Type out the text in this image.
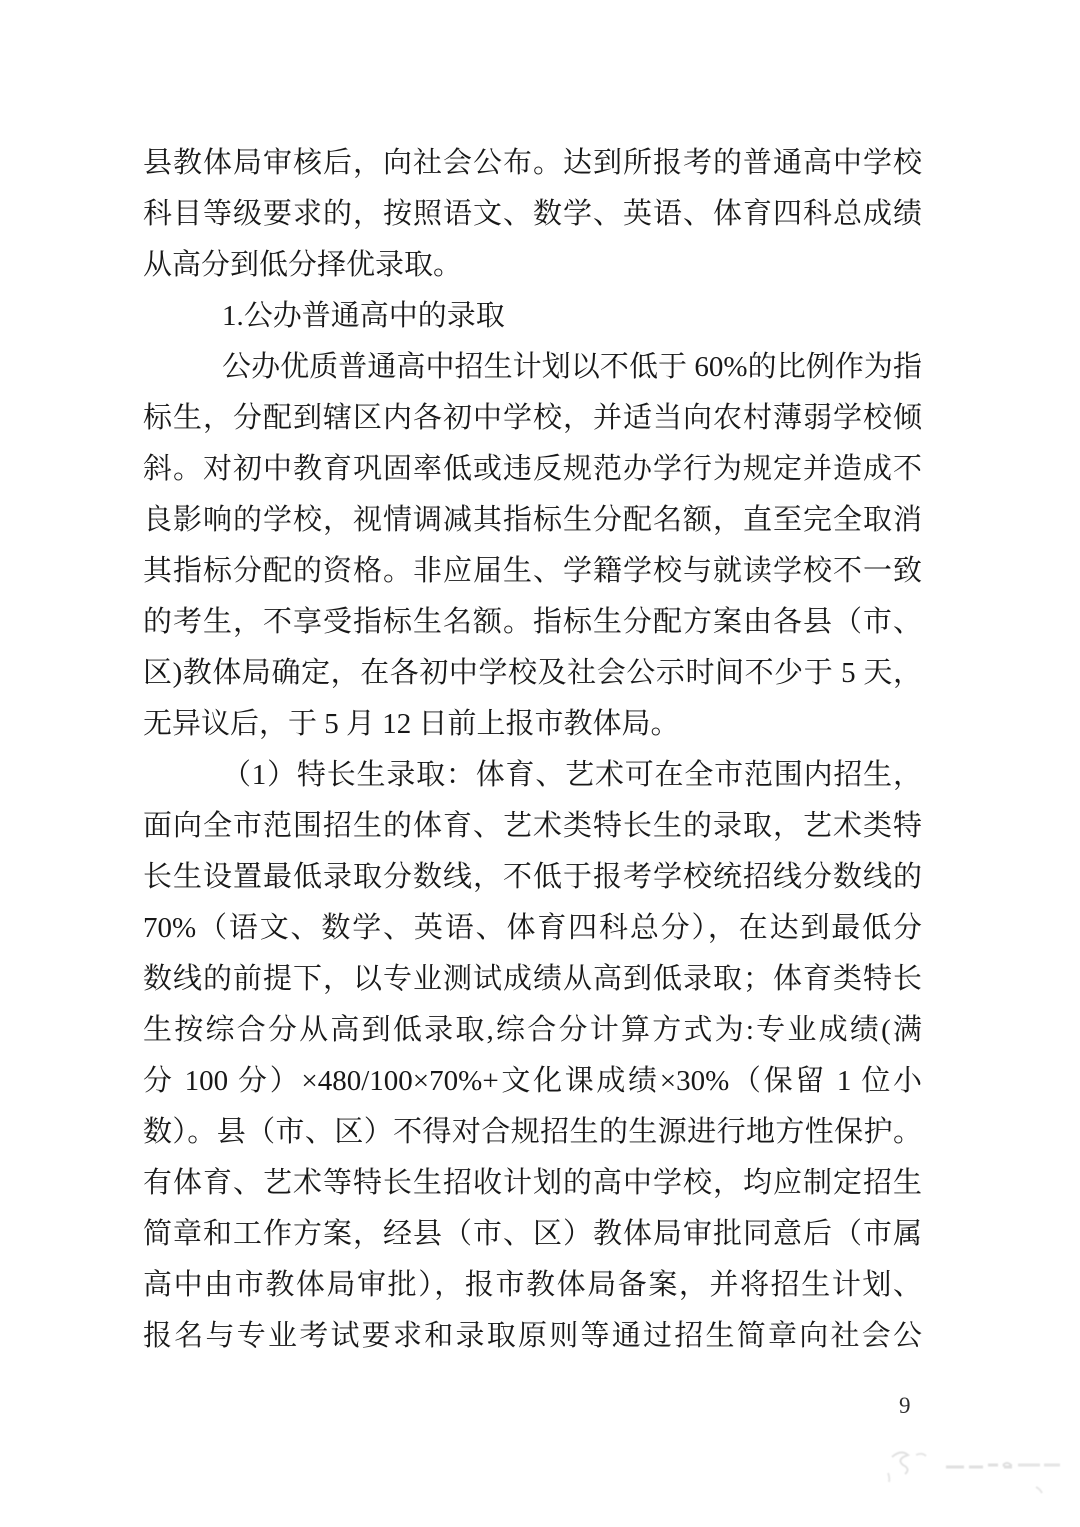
县教体局审核后，向社会公布。达到所报考的普通高中学校
科目等级要求的，按照语文、数学、英语、体育四科总成绩
从高分到低分择优录取。
1.公办普通高中的录取
公办优质普通高中招生计划以不低于 60%的比例作为指
标生，分配到辖区内各初中学校，并适当向农村薄弱学校倾
斜。对初中教育巩固率低或违反规范办学行为规定并造成不
良影响的学校，视情调减其指标生分配名额，直至完全取消
其指标分配的资格。非应届生、学籍学校与就读学校不一致
的考生，不享受指标生名额。指标生分配方案由各县（市、
区)教体局确定，在各初中学校及社会公示时间不少于 5 天，
无异议后，于 5 月 12 日前上报市教体局。
（1）特长生录取：体育、艺术可在全市范围内招生，
面向全市范围招生的体育、艺术类特长生的录取，艺术类特
长生设置最低录取分数线，不低于报考学校统招线分数线的
70%（语文、数学、英语、体育四科总分），在达到最低分
数线的前提下，以专业测试成绩从高到低录取；体育类特长
生按综合分从高到低录取,综合分计算方式为:专业成绩(满
分 100 分）×480/100×70%+文化课成绩×30%（保留 1 位小
数）。县（市、区）不得对合规招生的生源进行地方性保护。
有体育、艺术等特长生招收计划的高中学校，均应制定招生
简章和工作方案，经县（市、区）教体局审批同意后（市属
高中由市教体局审批），报市教体局备案，并将招生计划、
报名与专业考试要求和录取原则等通过招生简章向社会公
9
